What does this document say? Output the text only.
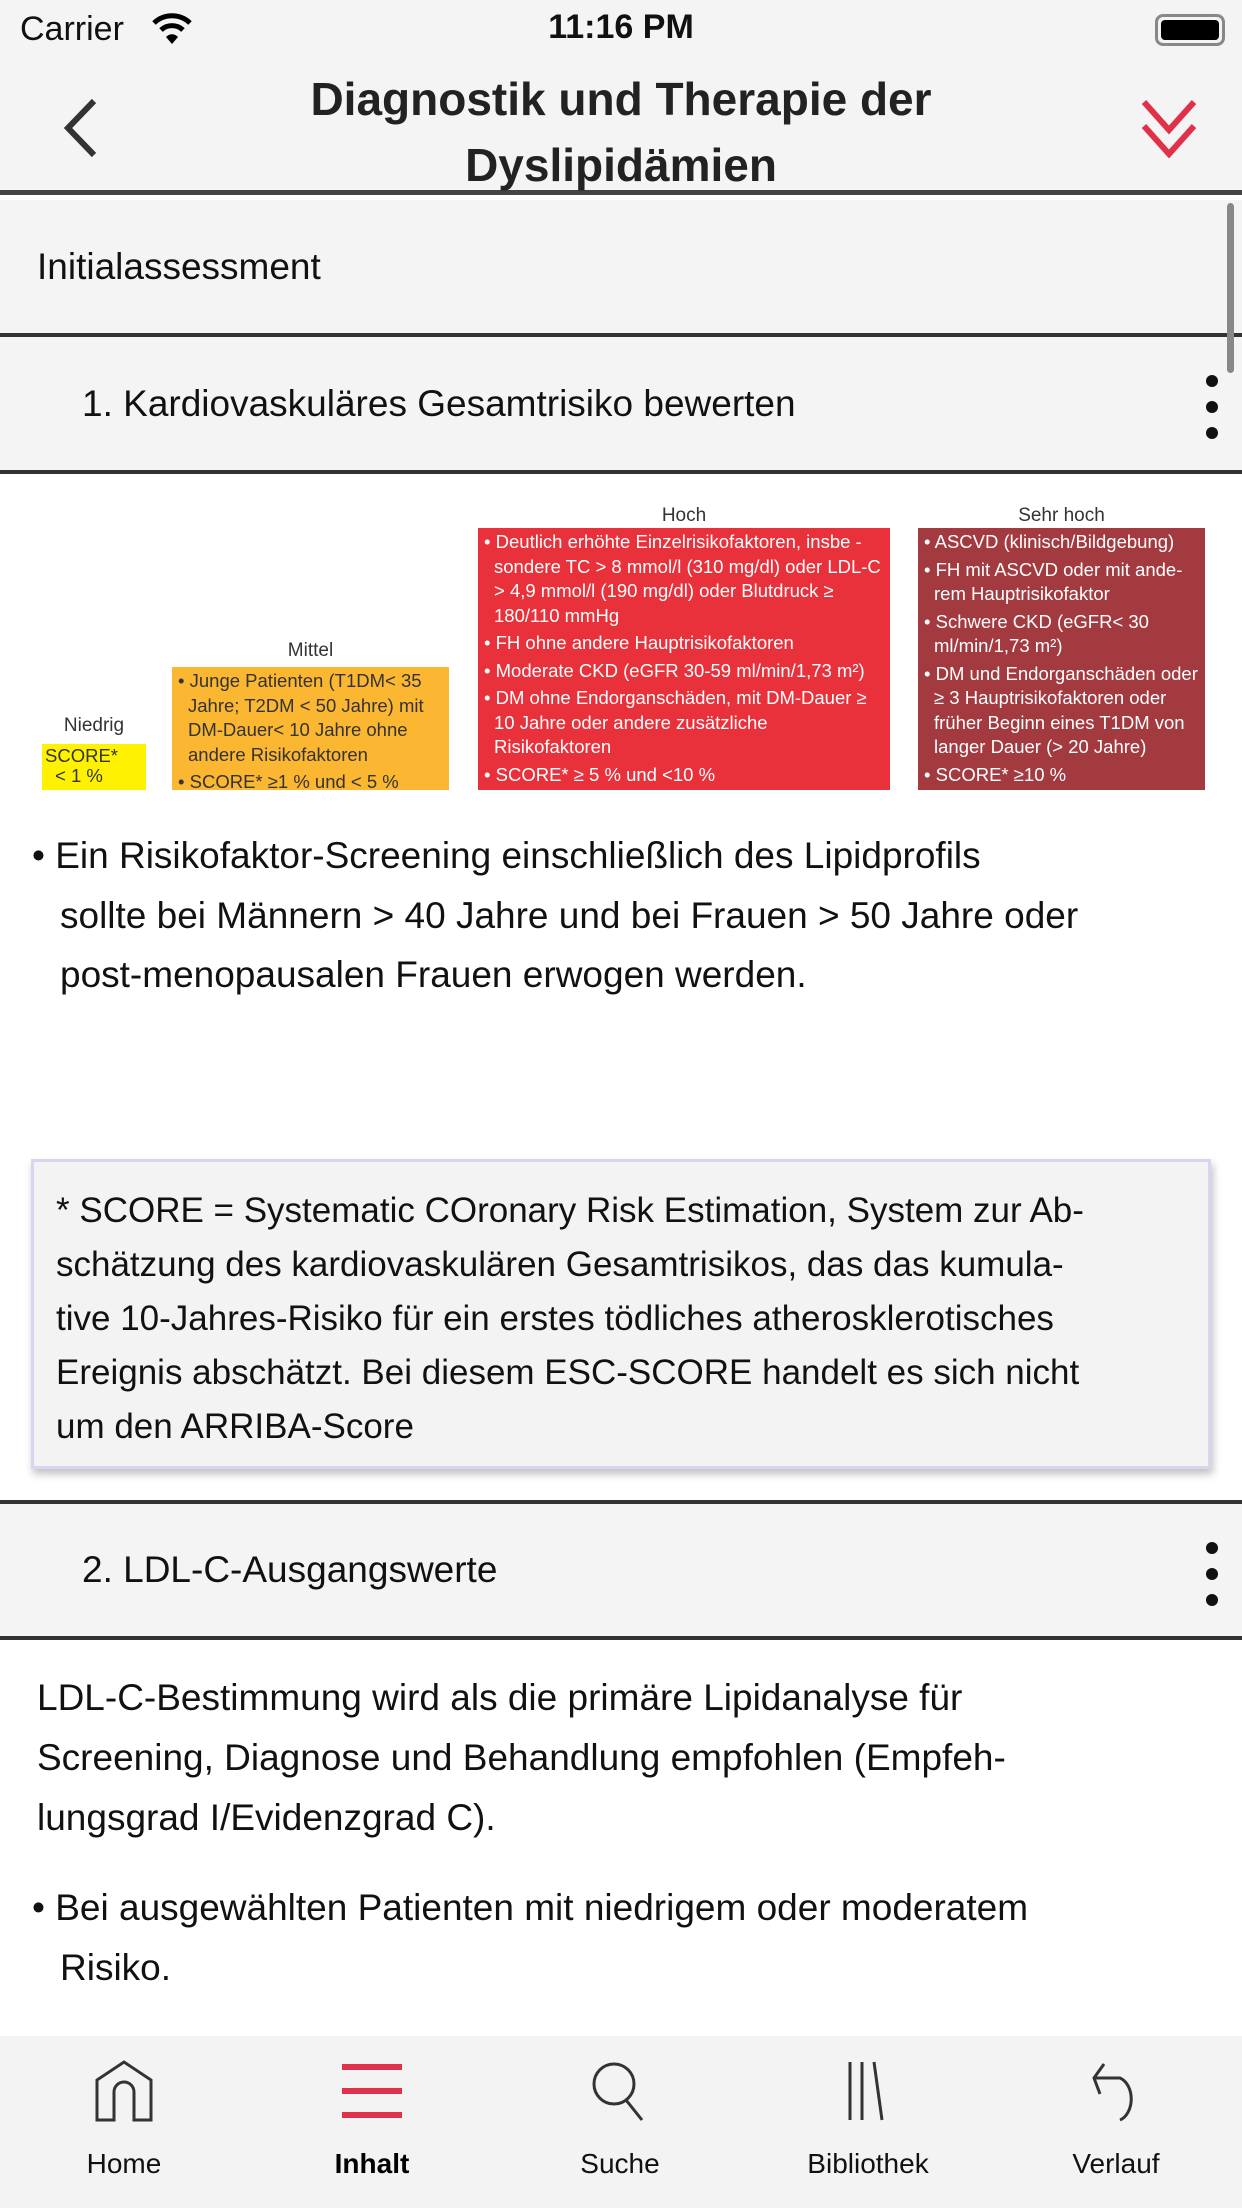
Carrier	11:16 PM
Diagnostik und Therapie der
Dyslipidämien
Initialassessment
1. Kardiovaskuläres Gesamtrisiko bewerten
Niedrig
SCORE*
< 1 %
Mittel

• Junge Patienten (T1DM< 35 Jahre; T2DM < 50 Jahre) mit DM-Dauer< 10 Jahre ohne andere Risikofaktoren

• SCORE* ≥1 % und < 5 %

Hoch

• Deutlich erhöhte Einzelrisikofaktoren, insbe - sondere TC > 8 mmol/l (310 mg/dl) oder LDL-C > 4,9 mmol/l (190 mg/dl) oder Blutdruck ≥ 180/110 mmHg

• FH ohne andere Hauptrisikofaktoren

• Moderate CKD (eGFR 30-59 ml/min/1,73 m²)

• DM ohne Endorganschäden, mit DM-Dauer ≥ 10 Jahre oder andere zusätzliche Risikofaktoren

• SCORE* ≥ 5 % und <10 %

Sehr hoch

• ASCVD (klinisch/Bildgebung)

• FH mit ASCVD oder mit ande-rem Hauptrisikofaktor

• Schwere CKD (eGFR< 30 ml/min/1,73 m²)

• DM und Endorganschäden oder ≥ 3 Hauptrisikofaktoren oder früher Beginn eines T1DM von langer Dauer (> 20 Jahre)

• SCORE* ≥10 %

• Ein Risikofaktor-Screening einschließlich des Lipidprofils
sollte bei Männern > 40 Jahre und bei Frauen > 50 Jahre oder
post-menopausalen Frauen erwogen werden.
* SCORE = Systematic COronary Risk Estimation, System zur Ab-
schätzung des kardiovaskulären Gesamtrisikos, das das kumula-
tive 10-Jahres-Risiko für ein erstes tödliches atherosklerotisches
Ereignis abschätzt. Bei diesem ESC-SCORE handelt es sich nicht
um den ARRIBA-Score
2. LDL-C-Ausgangswerte
LDL-C-Bestimmung wird als die primäre Lipidanalyse für
Screening, Diagnose und Behandlung empfohlen (Empfeh-
lungsgrad I/Evidenzgrad C).
• Bei ausgewählten Patienten mit niedrigem oder moderatem
Risiko.
Home	Inhalt	Suche	Bibliothek	Verlauf
